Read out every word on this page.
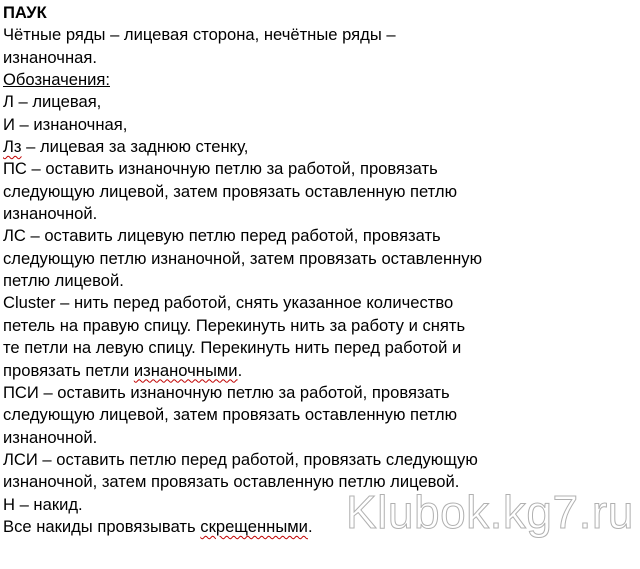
ПАУК

Чётные ряды – лицевая сторона, нечётные ряды –

изнаночная.

Обозначения:

Л – лицевая,

И – изнаночная,

Лз – лицевая за заднюю стенку,

ПС – оставить изнаночную петлю за работой, провязать

следующую лицевой, затем провязать оставленную петлю

изнаночной.

ЛС – оставить лицевую петлю перед работой, провязать

следующую петлю изнаночной, затем провязать оставленную

петлю лицевой.

Cluster – нить перед работой, снять указанное количество

петель на правую спицу. Перекинуть нить за работу и снять

те петли на левую спицу. Перекинуть нить перед работой и

провязать петли изнаночными.

ПСИ – оставить изнаночную петлю за работой, провязать

следующую лицевой, затем провязать оставленную петлю

изнаночной.

ЛСИ – оставить петлю перед работой, провязать следующую

изнаночной, затем провязать оставленную петлю лицевой.

Н – накид.

Все накиды провязывать скрещенными. Klubok.kg7.ru
